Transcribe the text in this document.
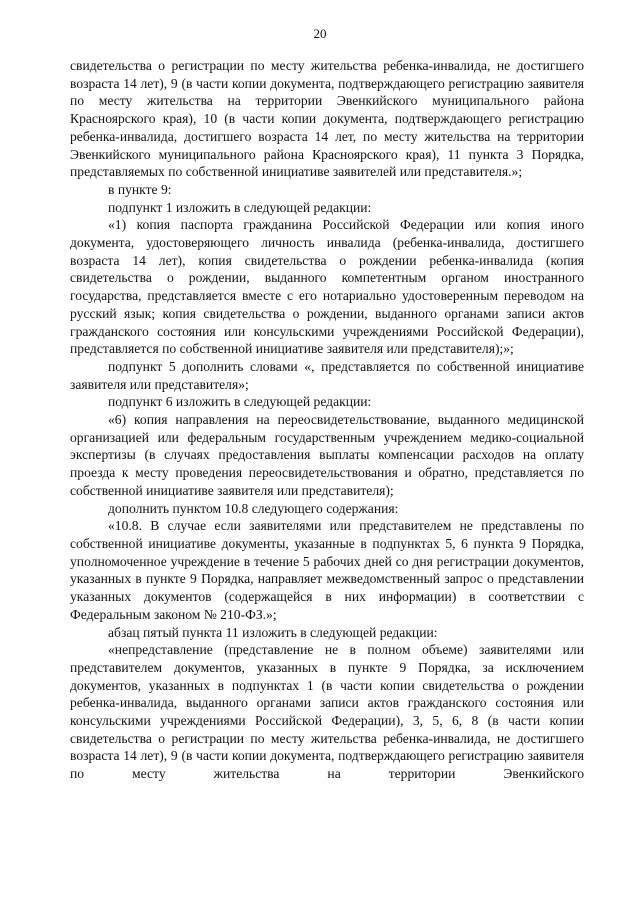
20

свидетельства о регистрации по месту жительства ребенка-инвалида, не достигшего возраста 14 лет), 9 (в части копии документа, подтверждающего регистрацию заявителя по месту жительства на территории Эвенкийского муниципального района Красноярского края), 10 (в части копии документа, подтверждающего регистрацию ребенка-инвалида, достигшего возраста 14 лет, по месту жительства на территории Эвенкийского муниципального района Красноярского края), 11 пункта 3 Порядка, представляемых по собственной инициативе заявителей или представителя.»;

в пункте 9:

подпункт 1 изложить в следующей редакции:

«1) копия паспорта гражданина Российской Федерации или копия иного документа, удостоверяющего личность инвалида (ребенка-инвалида, достигшего возраста 14 лет), копия свидетельства о рождении ребенка-инвалида (копия свидетельства о рождении, выданного компетентным органом иностранного государства, представляется вместе с его нотариально удостоверенным переводом на русский язык; копия свидетельства о рождении, выданного органами записи актов гражданского состояния или консульскими учреждениями Российской Федерации), представляется по собственной инициативе заявителя или представителя);»;

подпункт 5 дополнить словами «, представляется по собственной инициативе заявителя или представителя»;

подпункт 6 изложить в следующей редакции:

«6) копия направления на переосвидетельствование, выданного медицинской организацией или федеральным государственным учреждением медико-социальной экспертизы (в случаях предоставления выплаты компенсации расходов на оплату проезда к месту проведения переосвидетельствования и обратно, представляется по собственной инициативе заявителя или представителя);

дополнить пунктом 10.8 следующего содержания:

«10.8. В случае если заявителями или представителем не представлены по собственной инициативе документы, указанные в подпунктах 5, 6 пункта 9 Порядка, уполномоченное учреждение в течение 5 рабочих дней со дня регистрации документов, указанных в пункте 9 Порядка, направляет межведомственный запрос о представлении указанных документов (содержащейся в них информации) в соответствии с Федеральным законом № 210-ФЗ.»;

абзац пятый пункта 11 изложить в следующей редакции:

«непредставление (представление не в полном объеме) заявителями или представителем документов, указанных в пункте 9 Порядка, за исключением документов, указанных в подпунктах 1 (в части копии свидетельства о рождении ребенка-инвалида, выданного органами записи актов гражданского состояния или консульскими учреждениями Российской Федерации), 3, 5, 6, 8 (в части копии свидетельства о регистрации по месту жительства ребенка-инвалида, не достигшего возраста 14 лет), 9 (в части копии документа, подтверждающего регистрацию заявителя по месту жительства на территории Эвенкийского
